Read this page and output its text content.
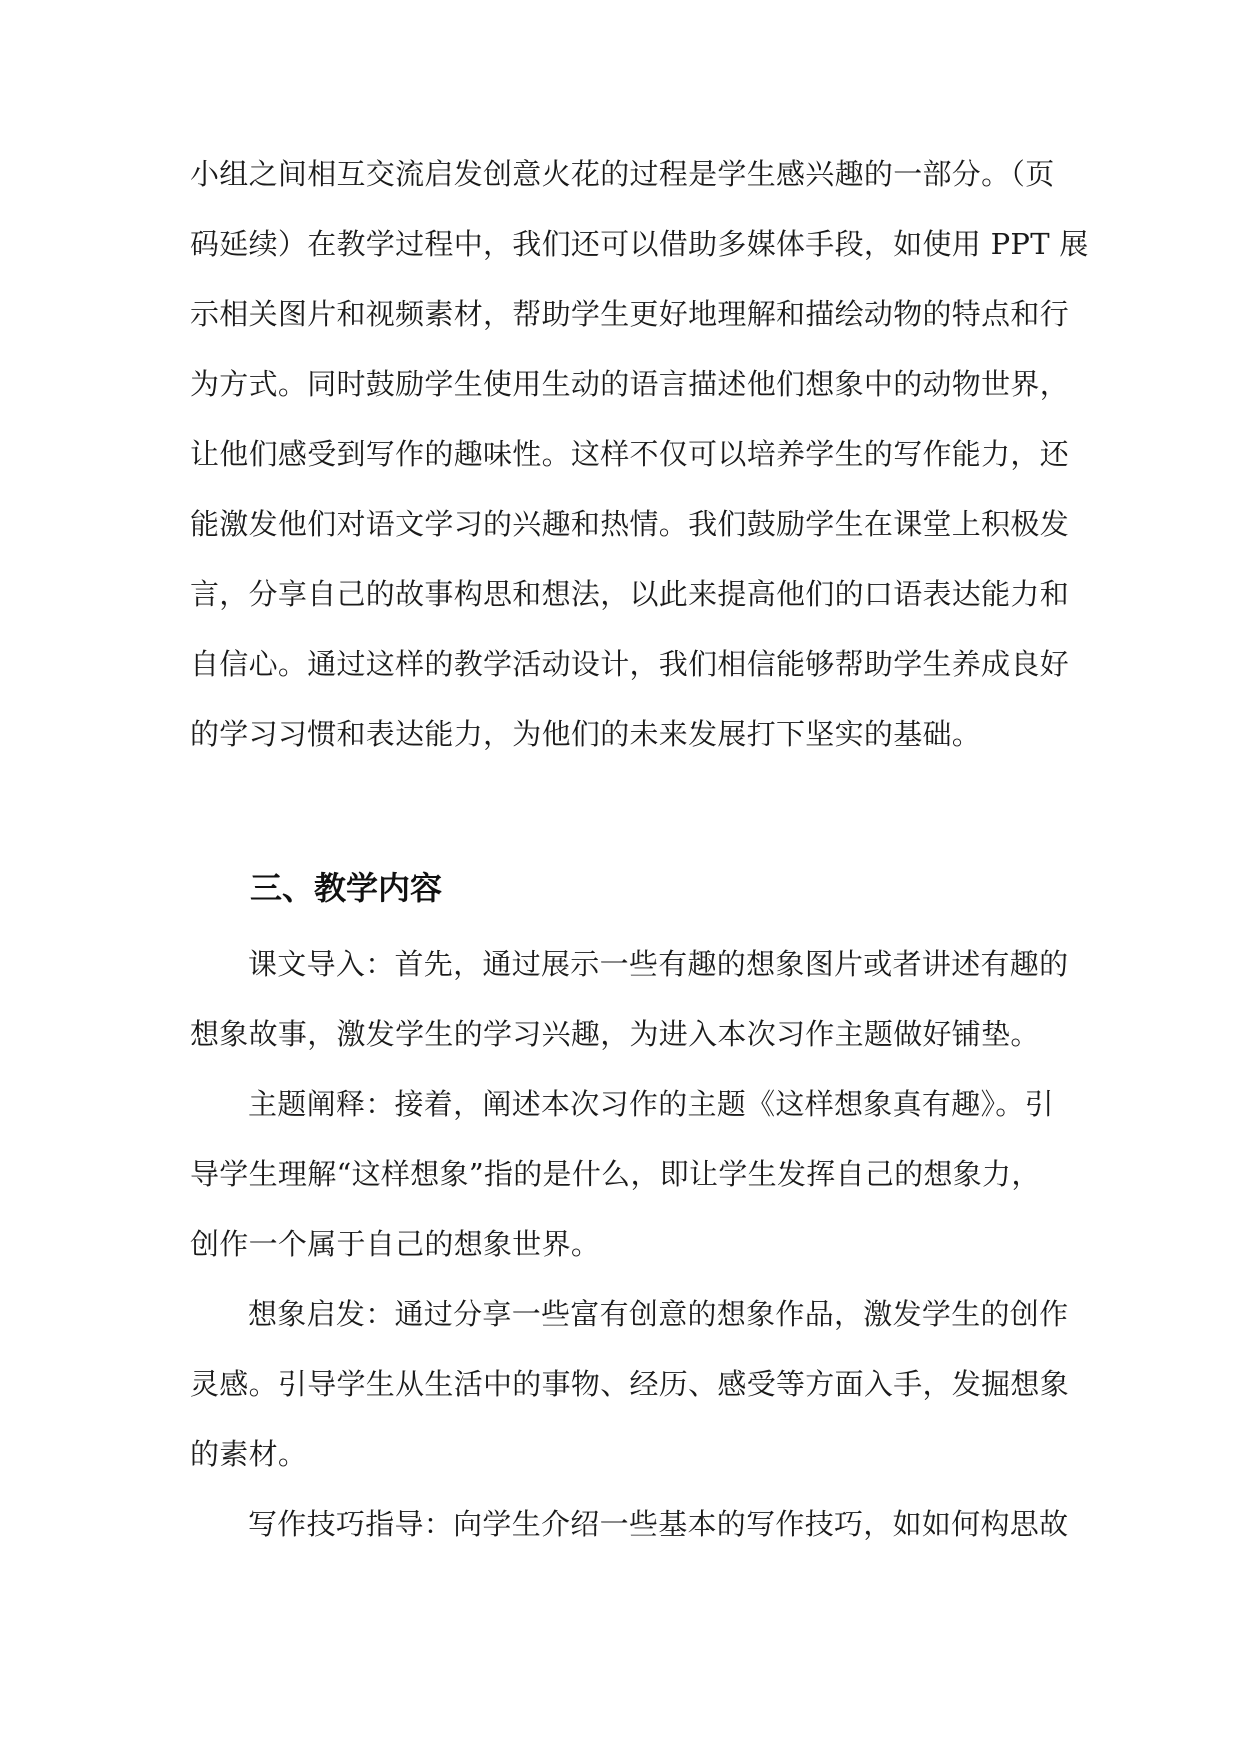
小组之间相互交流启发创意火花的过程是学生感兴趣的一部分。（页
码延续）在教学过程中，我们还可以借助多媒体手段，如使用 PPT 展
示相关图片和视频素材，帮助学生更好地理解和描绘动物的特点和行
为方式。同时鼓励学生使用生动的语言描述他们想象中的动物世界，
让他们感受到写作的趣味性。这样不仅可以培养学生的写作能力，还
能激发他们对语文学习的兴趣和热情。我们鼓励学生在课堂上积极发
言，分享自己的故事构思和想法，以此来提高他们的口语表达能力和
自信心。通过这样的教学活动设计，我们相信能够帮助学生养成良好
的学习习惯和表达能力，为他们的未来发展打下坚实的基础。
三、教学内容
课文导入：首先，通过展示一些有趣的想象图片或者讲述有趣的
想象故事，激发学生的学习兴趣，为进入本次习作主题做好铺垫。
主题阐释：接着，阐述本次习作的主题《这样想象真有趣》。引
导学生理解“这样想象”指的是什么，即让学生发挥自己的想象力，
创作一个属于自己的想象世界。
想象启发：通过分享一些富有创意的想象作品，激发学生的创作
灵感。引导学生从生活中的事物、经历、感受等方面入手，发掘想象
的素材。
写作技巧指导：向学生介绍一些基本的写作技巧，如如何构思故
